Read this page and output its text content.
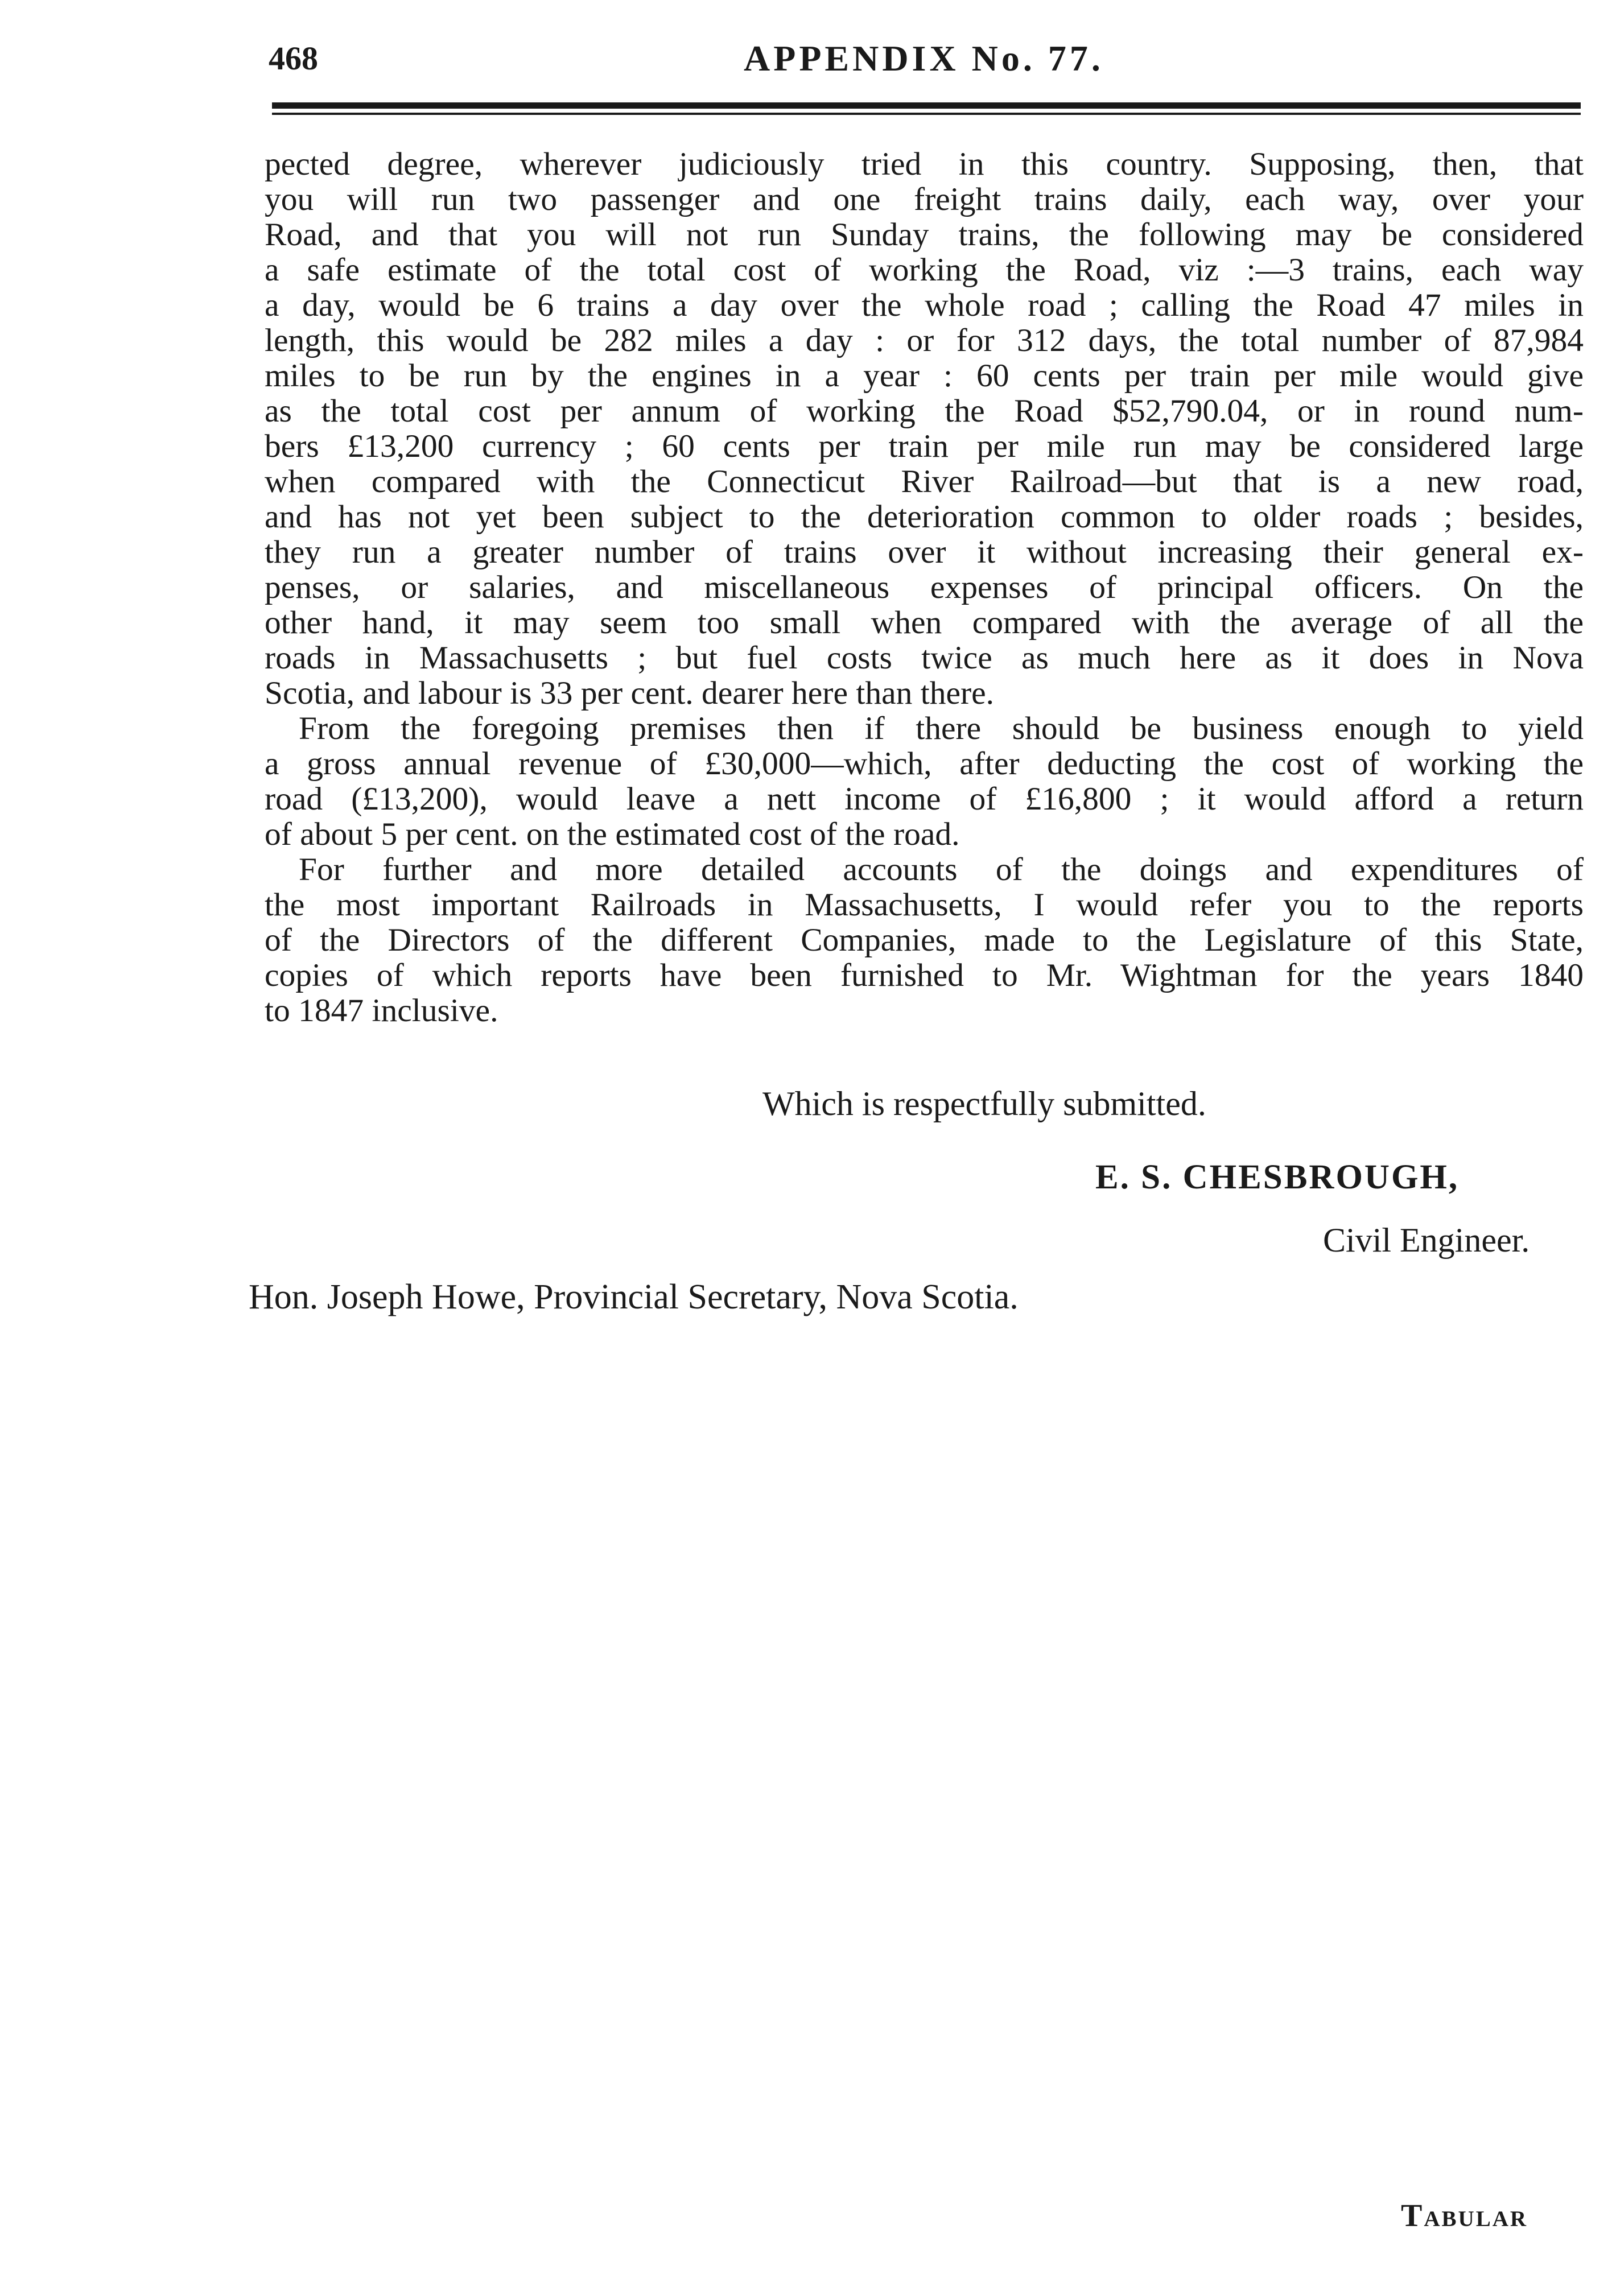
468	APPENDIX No. 77.

pected degree, wherever judiciously tried in this country. Supposing, then, that
you will run two passenger and one freight trains daily, each way, over your
Road, and that you will not run Sunday trains, the following may be considered
a safe estimate of the total cost of working the Road, viz :—3 trains, each way
a day, would be 6 trains a day over the whole road ; calling the Road 47 miles in
length, this would be 282 miles a day : or for 312 days, the total number of 87,984
miles to be run by the engines in a year : 60 cents per train per mile would give
as the total cost per annum of working the Road $52,790.04, or in round num-
bers £13,200 currency ; 60 cents per train per mile run may be considered large
when compared with the Connecticut River Railroad—but that is a new road,
and has not yet been subject to the deterioration common to older roads ; besides,
they run a greater number of trains over it without increasing their general ex-
penses, or salaries, and miscellaneous expenses of principal officers. On the
other hand, it may seem too small when compared with the average of all the
roads in Massachusetts ; but fuel costs twice as much here as it does in Nova
Scotia, and labour is 33 per cent. dearer here than there.

From the foregoing premises then if there should be business enough to yield
a gross annual revenue of £30,000—which, after deducting the cost of working the
road (£13,200), would leave a nett income of £16,800 ; it would afford a return
of about 5 per cent. on the estimated cost of the road.

For further and more detailed accounts of the doings and expenditures of
the most important Railroads in Massachusetts, I would refer you to the reports
of the Directors of the different Companies, made to the Legislature of this State,
copies of which reports have been furnished to Mr. Wightman for the years 1840
to 1847 inclusive.

Which is respectfully submitted.
E. S. CHESBROUGH,
Civil Engineer.
Hon. Joseph Howe, Provincial Secretary, Nova Scotia.
Tabular
